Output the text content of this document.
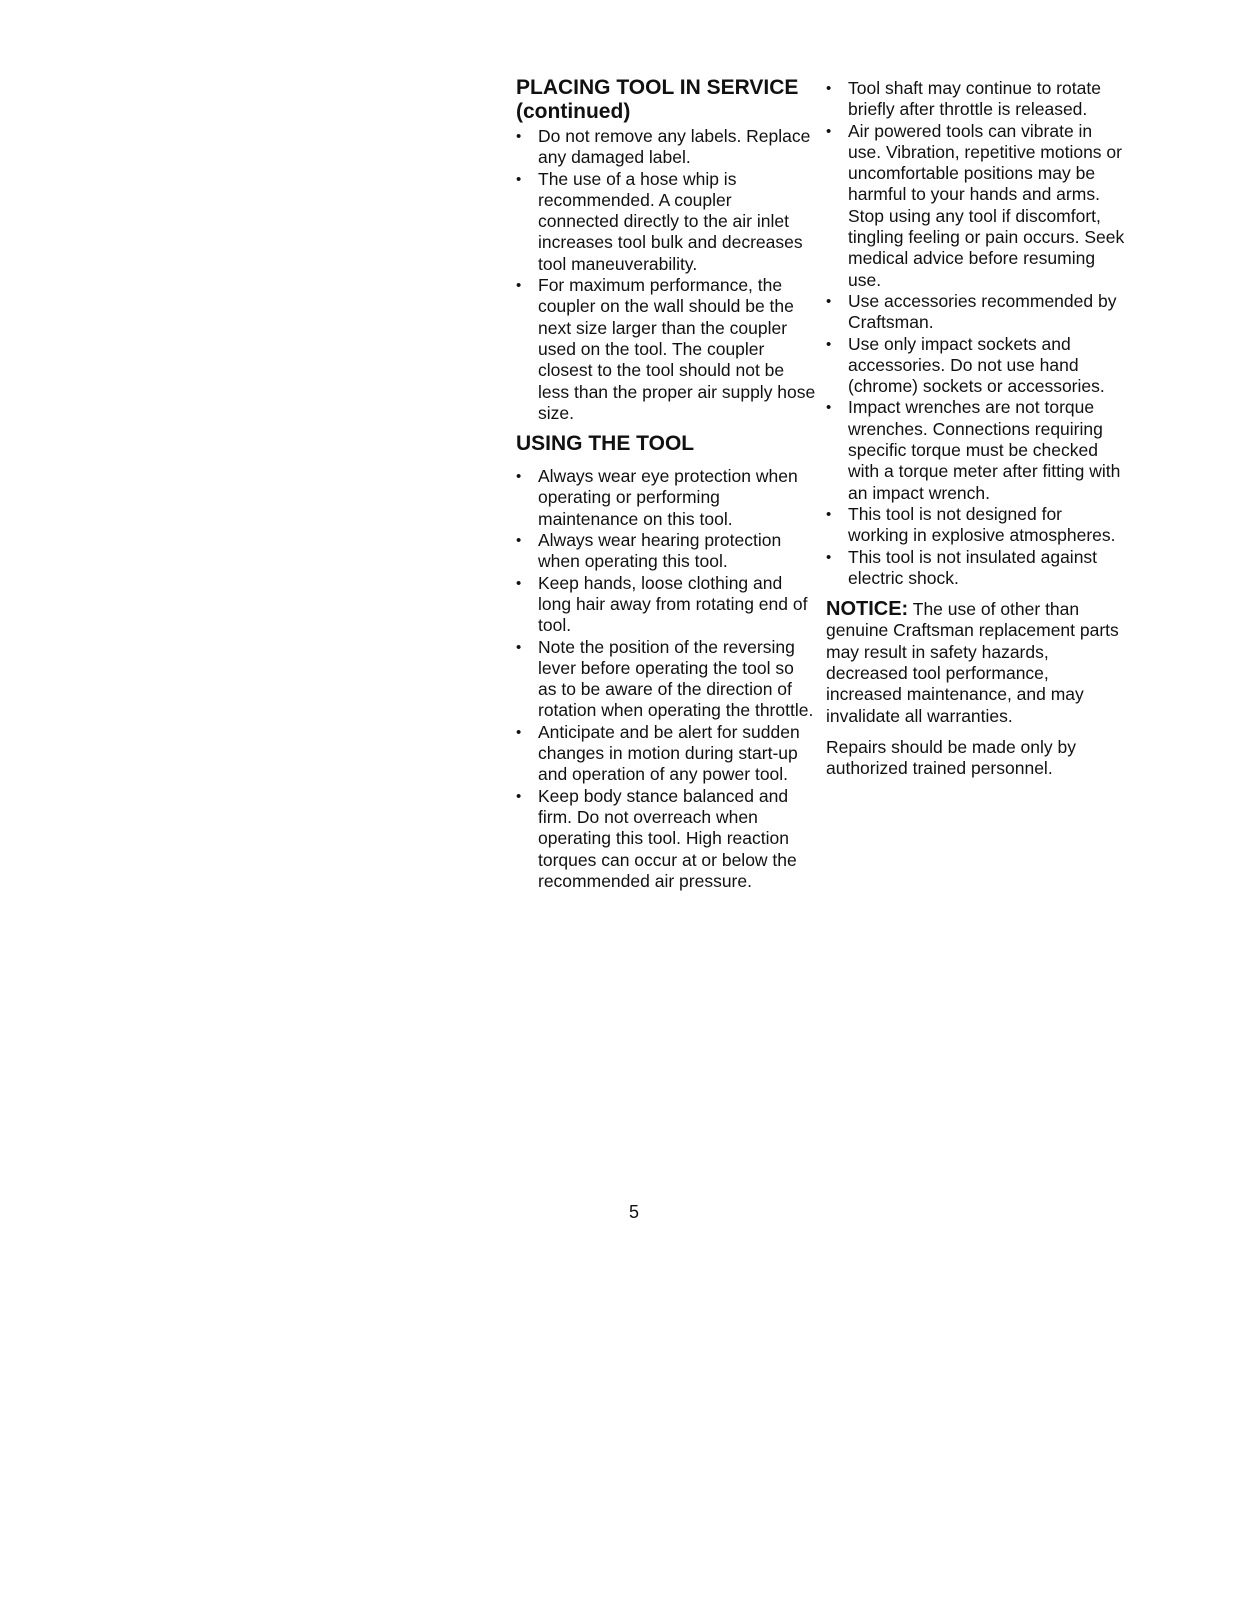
PLACING TOOL IN SERVICE (continued)
• Do not remove any labels. Replace any damaged label.
• The use of a hose whip is recommended. A coupler connected directly to the air inlet increases tool bulk and decreases tool maneuverability.
• For maximum performance, the coupler on the wall should be the next size larger than the coupler used on the tool. The coupler closest to the tool should not be less than the proper air supply hose size.
USING THE TOOL
• Always wear eye protection when operating or performing maintenance on this tool.
• Always wear hearing protection when operating this tool.
• Keep hands, loose clothing and long hair away from rotating end of tool.
• Note the position of the reversing lever before operating the tool so as to be aware of the direction of rotation when operating the throttle.
• Anticipate and be alert for sudden changes in motion during start-up and operation of any power tool.
• Keep body stance balanced and firm. Do not overreach when operating this tool. High reaction torques can occur at or below the recommended air pressure.
• Tool shaft may continue to rotate briefly after throttle is released.
• Air powered tools can vibrate in use. Vibration, repetitive motions or uncomfortable positions may be harmful to your hands and arms. Stop using any tool if discomfort, tingling feeling or pain occurs. Seek medical advice before resuming use.
• Use accessories recommended by Craftsman.
• Use only impact sockets and accessories. Do not use hand (chrome) sockets or accessories.
• Impact wrenches are not torque wrenches. Connections requiring specific torque must be checked with a torque meter after fitting with an impact wrench.
• This tool is not designed for working in explosive atmospheres.
• This tool is not insulated against electric shock.

NOTICE: The use of other than genuine Craftsman replacement parts may result in safety hazards, decreased tool performance, increased maintenance, and may invalidate all warranties.

Repairs should be made only by authorized trained personnel.

5
